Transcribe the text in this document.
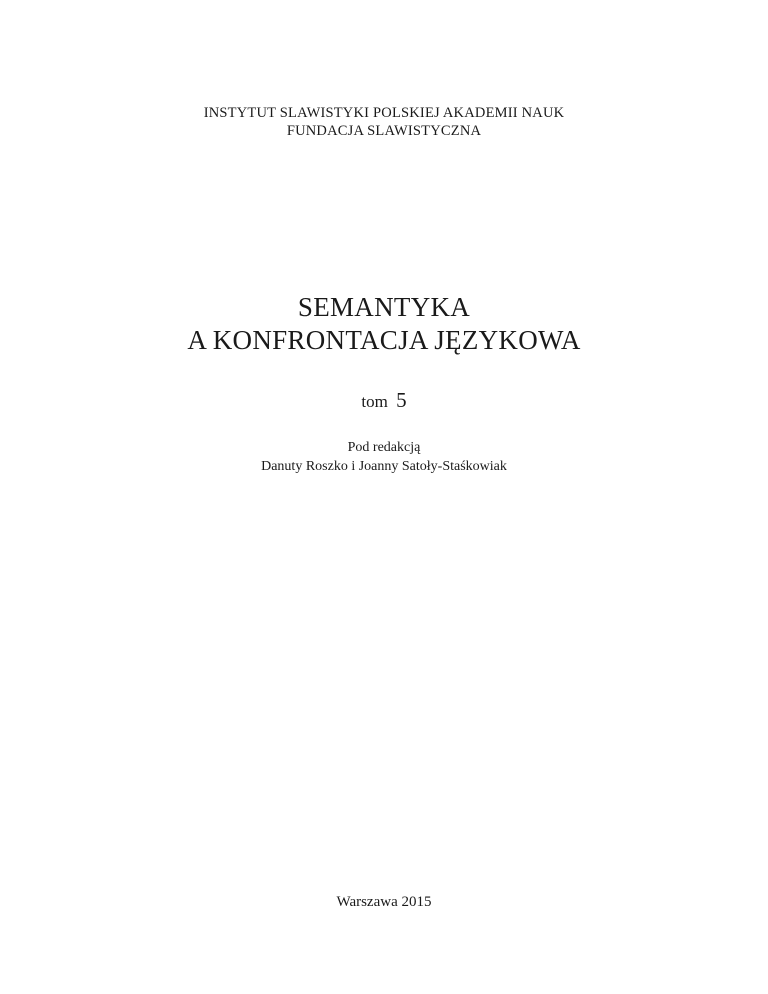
INSTYTUT SLAWISTYKI POLSKIEJ AKADEMII NAUK
FUNDACJA SLAWISTYCZNA
SEMANTYKA
A KONFRONTACJA JĘZYKOWA
tom 5
Pod redakcją
Danuty Roszko i Joanny Satoły-Staśkowiak
Warszawa 2015
